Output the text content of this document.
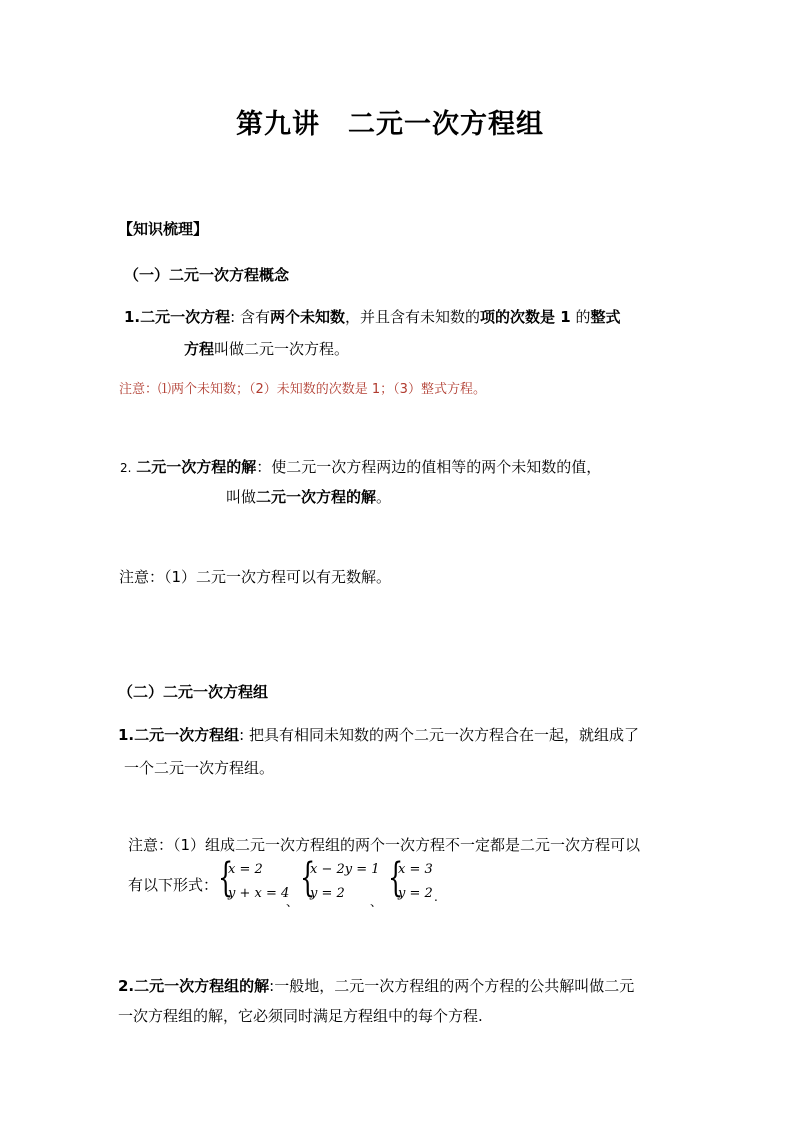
第九讲　二元一次方程组
【知识梳理】
（一）二元一次方程概念
1.二元一次方程: 含有两个未知数，并且含有未知数的项的次数是 1 的整式
方程叫做二元一次方程。
注意：⑴两个未知数；（2）未知数的次数是 1；（3）整式方程。
2. 二元一次方程的解：使二元一次方程两边的值相等的两个未知数的值，
叫做二元一次方程的解。
注意：（1）二元一次方程可以有无数解。
（二）二元一次方程组
1.二元一次方程组: 把具有相同未知数的两个二元一次方程合在一起，就组成了
一个二元一次方程组。
注意：（1）组成二元一次方程组的两个一次方程不一定都是二元一次方程可以
有以下形式： {
x = 2
y + x = 4
、
{
x − 2y = 1
y = 2
、
{
x = 3
y = 2 .
2.二元一次方程组的解:一般地，二元一次方程组的两个方程的公共解叫做二元
一次方程组的解，它必须同时满足方程组中的每个方程.
